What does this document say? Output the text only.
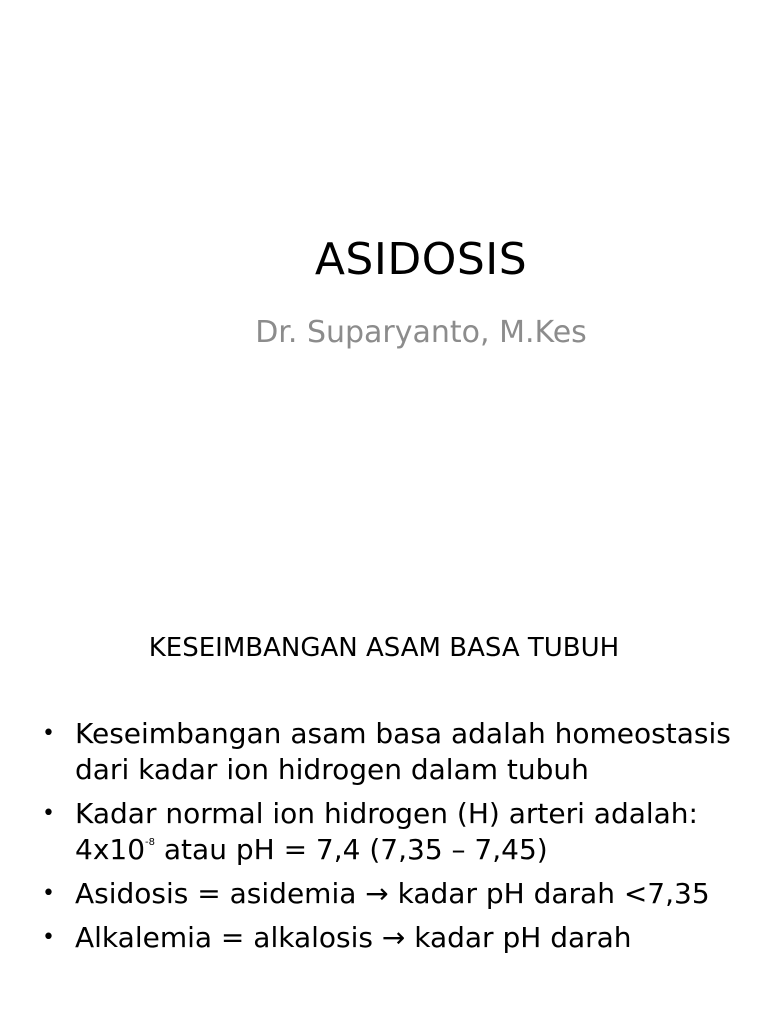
ASIDOSIS
Dr. Suparyanto, M.Kes
KESEIMBANGAN ASAM BASA TUBUH
• Keseimbangan asam basa adalah homeostasis dari kadar ion hidrogen dalam tubuh
• Kadar normal ion hidrogen (H) arteri adalah: $4x10^{-8}$ atau pH = 7,4 (7,35 – 7,45)
• Asidosis = asidemia → kadar pH darah <7,35
• Alkalemia = alkalosis → kadar pH darah
